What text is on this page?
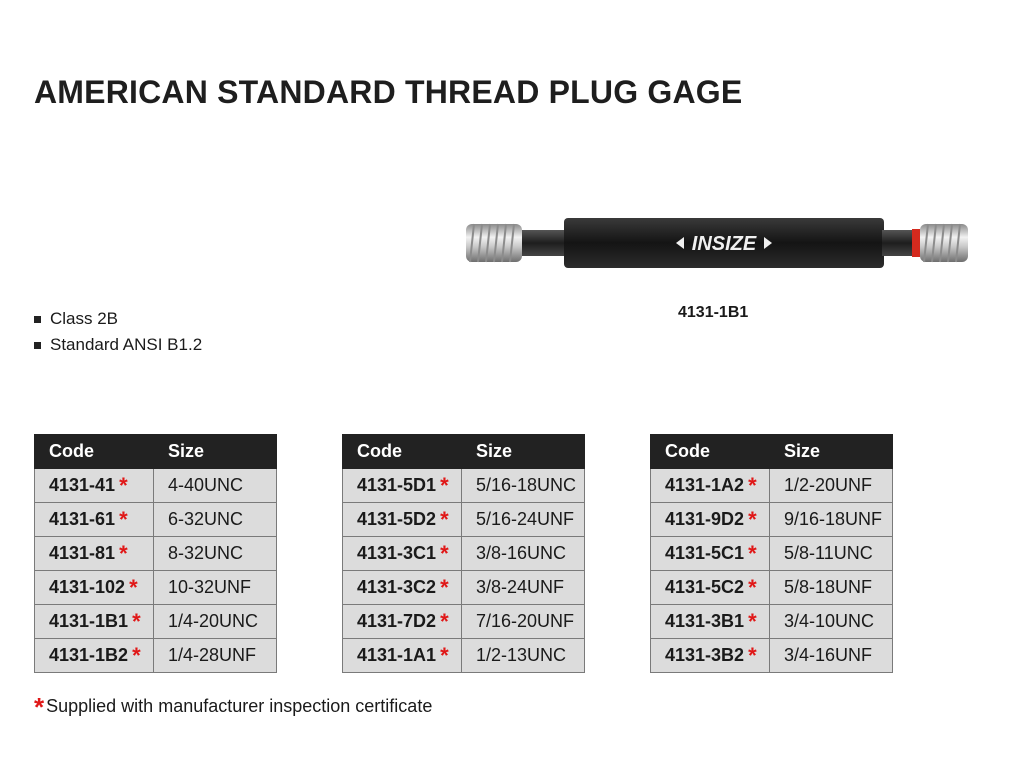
AMERICAN STANDARD THREAD PLUG GAGE
INSIZE
4131-1B1
Class 2B
Standard ANSI B1.2
Code	Size
4131-41 *	4-40UNC
4131-61 *	6-32UNC
4131-81 *	8-32UNC
4131-102 *	10-32UNF
4131-1B1 *	1/4-20UNC
4131-1B2 *	1/4-28UNF
Code	Size
4131-5D1 *	5/16-18UNC
4131-5D2 *	5/16-24UNF
4131-3C1 *	3/8-16UNC
4131-3C2 *	3/8-24UNF
4131-7D2 *	7/16-20UNF
4131-1A1 *	1/2-13UNC
Code	Size
4131-1A2 *	1/2-20UNF
4131-9D2 *	9/16-18UNF
4131-5C1 *	5/8-11UNC
4131-5C2 *	5/8-18UNF
4131-3B1 *	3/4-10UNC
4131-3B2 *	3/4-16UNF
* Supplied with manufacturer inspection certificate
